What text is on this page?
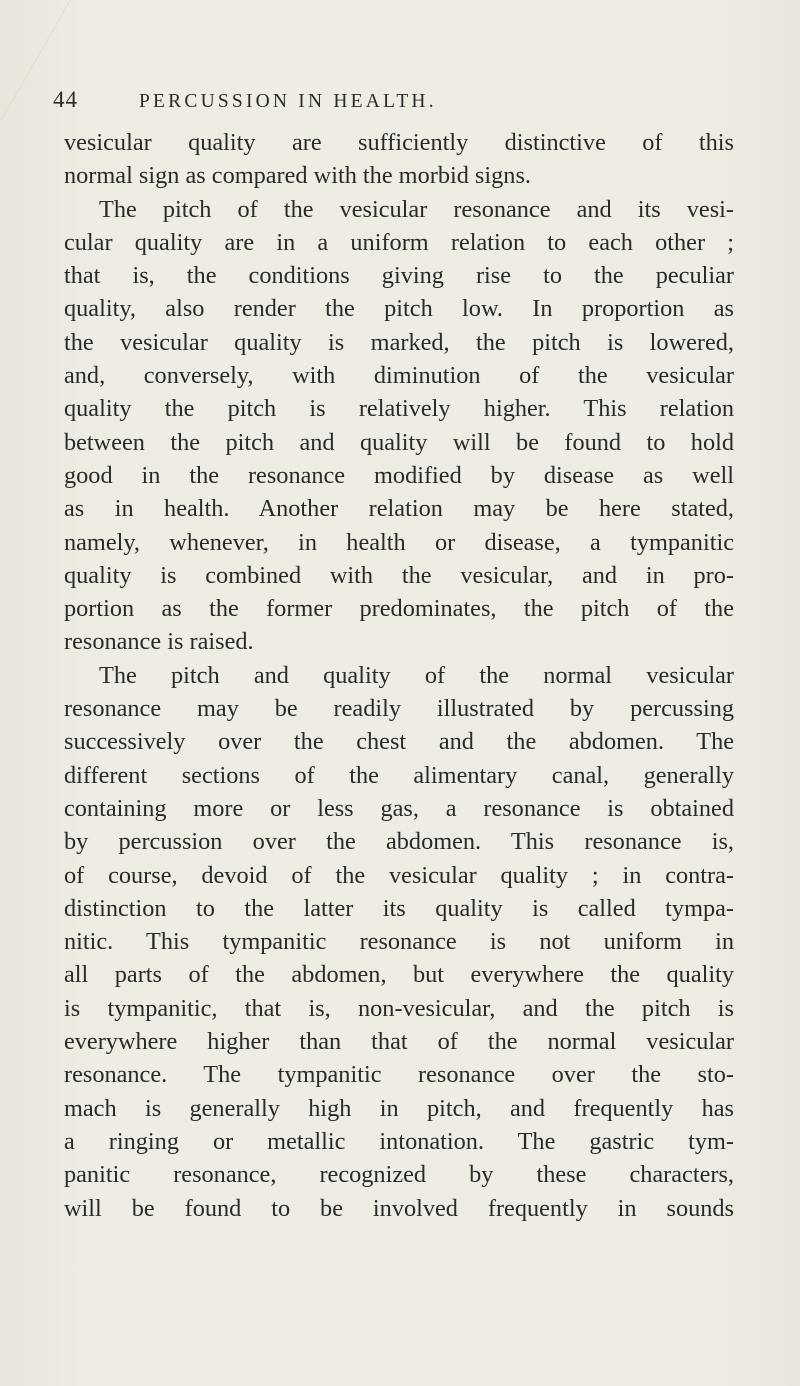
44	PERCUSSION IN HEALTH.
vesicular quality are sufficiently distinctive of this
normal sign as compared with the morbid signs.
The pitch of the vesicular resonance and its vesi-
cular quality are in a uniform relation to each other ;
that is, the conditions giving rise to the peculiar
quality, also render the pitch low. In proportion as
the vesicular quality is marked, the pitch is lowered,
and, conversely, with diminution of the vesicular
quality the pitch is relatively higher. This relation
between the pitch and quality will be found to hold
good in the resonance modified by disease as well
as in health. Another relation may be here stated,
namely, whenever, in health or disease, a tympanitic
quality is combined with the vesicular, and in pro-
portion as the former predominates, the pitch of the
resonance is raised.
The pitch and quality of the normal vesicular
resonance may be readily illustrated by percussing
successively over the chest and the abdomen. The
different sections of the alimentary canal, generally
containing more or less gas, a resonance is obtained
by percussion over the abdomen. This resonance is,
of course, devoid of the vesicular quality ; in contra-
distinction to the latter its quality is called tympa-
nitic. This tympanitic resonance is not uniform in
all parts of the abdomen, but everywhere the quality
is tympanitic, that is, non-vesicular, and the pitch is
everywhere higher than that of the normal vesicular
resonance. The tympanitic resonance over the sto-
mach is generally high in pitch, and frequently has
a ringing or metallic intonation. The gastric tym-
panitic resonance, recognized by these characters,
will be found to be involved frequently in sounds
